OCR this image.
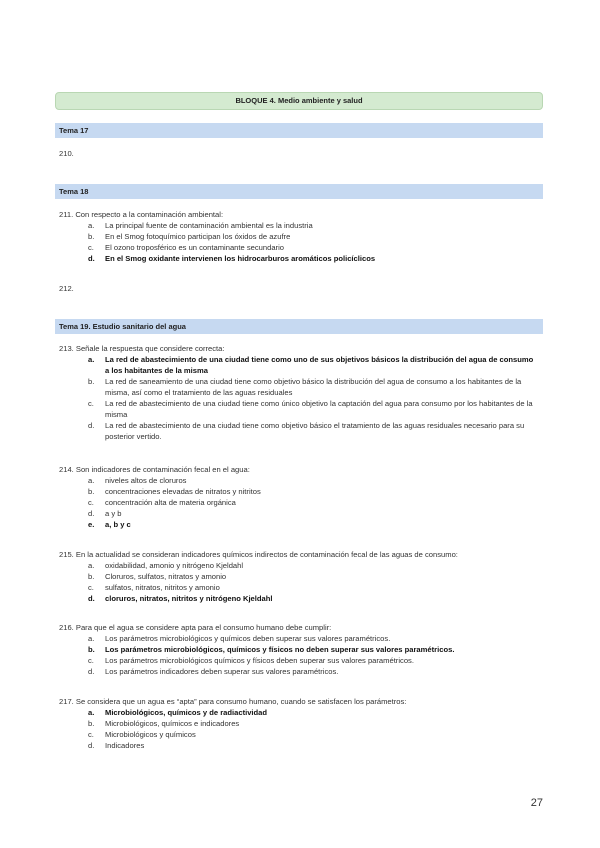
BLOQUE 4. Medio ambiente y salud
Tema 17
210.
Tema 18
211. Con respecto a la contaminación ambiental:
a. La principal fuente de contaminación ambiental es la industria
b. En el Smog fotoquímico participan los óxidos de azufre
c. El ozono troposférico es un contaminante secundario
d. En el Smog oxidante intervienen los hidrocarburos aromáticos policíclicos
212.
Tema 19. Estudio sanitario del agua
213. Señale la respuesta que considere correcta:
a. La red de abastecimiento de una ciudad tiene como uno de sus objetivos básicos la distribución del agua de consumo a los habitantes de la misma
b. La red de saneamiento de una ciudad tiene como objetivo básico la distribución del agua de consumo a los habitantes de la misma, así como el tratamiento de las aguas residuales
c. La red de abastecimiento de una ciudad tiene como único objetivo la captación del agua para consumo por los habitantes de la misma
d. La red de abastecimiento de una ciudad tiene como objetivo básico el tratamiento de las aguas residuales necesario para su posterior vertido.
214. Son indicadores de contaminación fecal en el agua:
a. niveles altos de cloruros
b. concentraciones elevadas de nitratos y nitritos
c. concentración alta de materia orgánica
d. a y b
e. a, b y c
215. En la actualidad se consideran indicadores químicos indirectos de contaminación fecal de las aguas de consumo:
a. oxidabilidad, amonio y nitrógeno Kjeldahl
b. Cloruros, sulfatos, nitratos y amonio
c. sulfatos, nitratos, nitritos y amonio
d. cloruros, nitratos, nitritos y nitrógeno Kjeldahl
216. Para que el agua se considere apta para el consumo humano debe cumplir:
a. Los parámetros microbiológicos y químicos deben superar sus valores paramétricos.
b. Los parámetros microbiológicos, químicos y físicos no deben superar sus valores paramétricos.
c. Los parámetros microbiológicos químicos y físicos deben superar sus valores paramétricos.
d. Los parámetros indicadores deben superar sus valores paramétricos.
217. Se considera que un agua es “apta” para consumo humano, cuando se satisfacen los parámetros:
a. Microbiológicos, químicos y de radiactividad
b. Microbiológicos, químicos e indicadores
c. Microbiológicos y químicos
d. Indicadores
27
